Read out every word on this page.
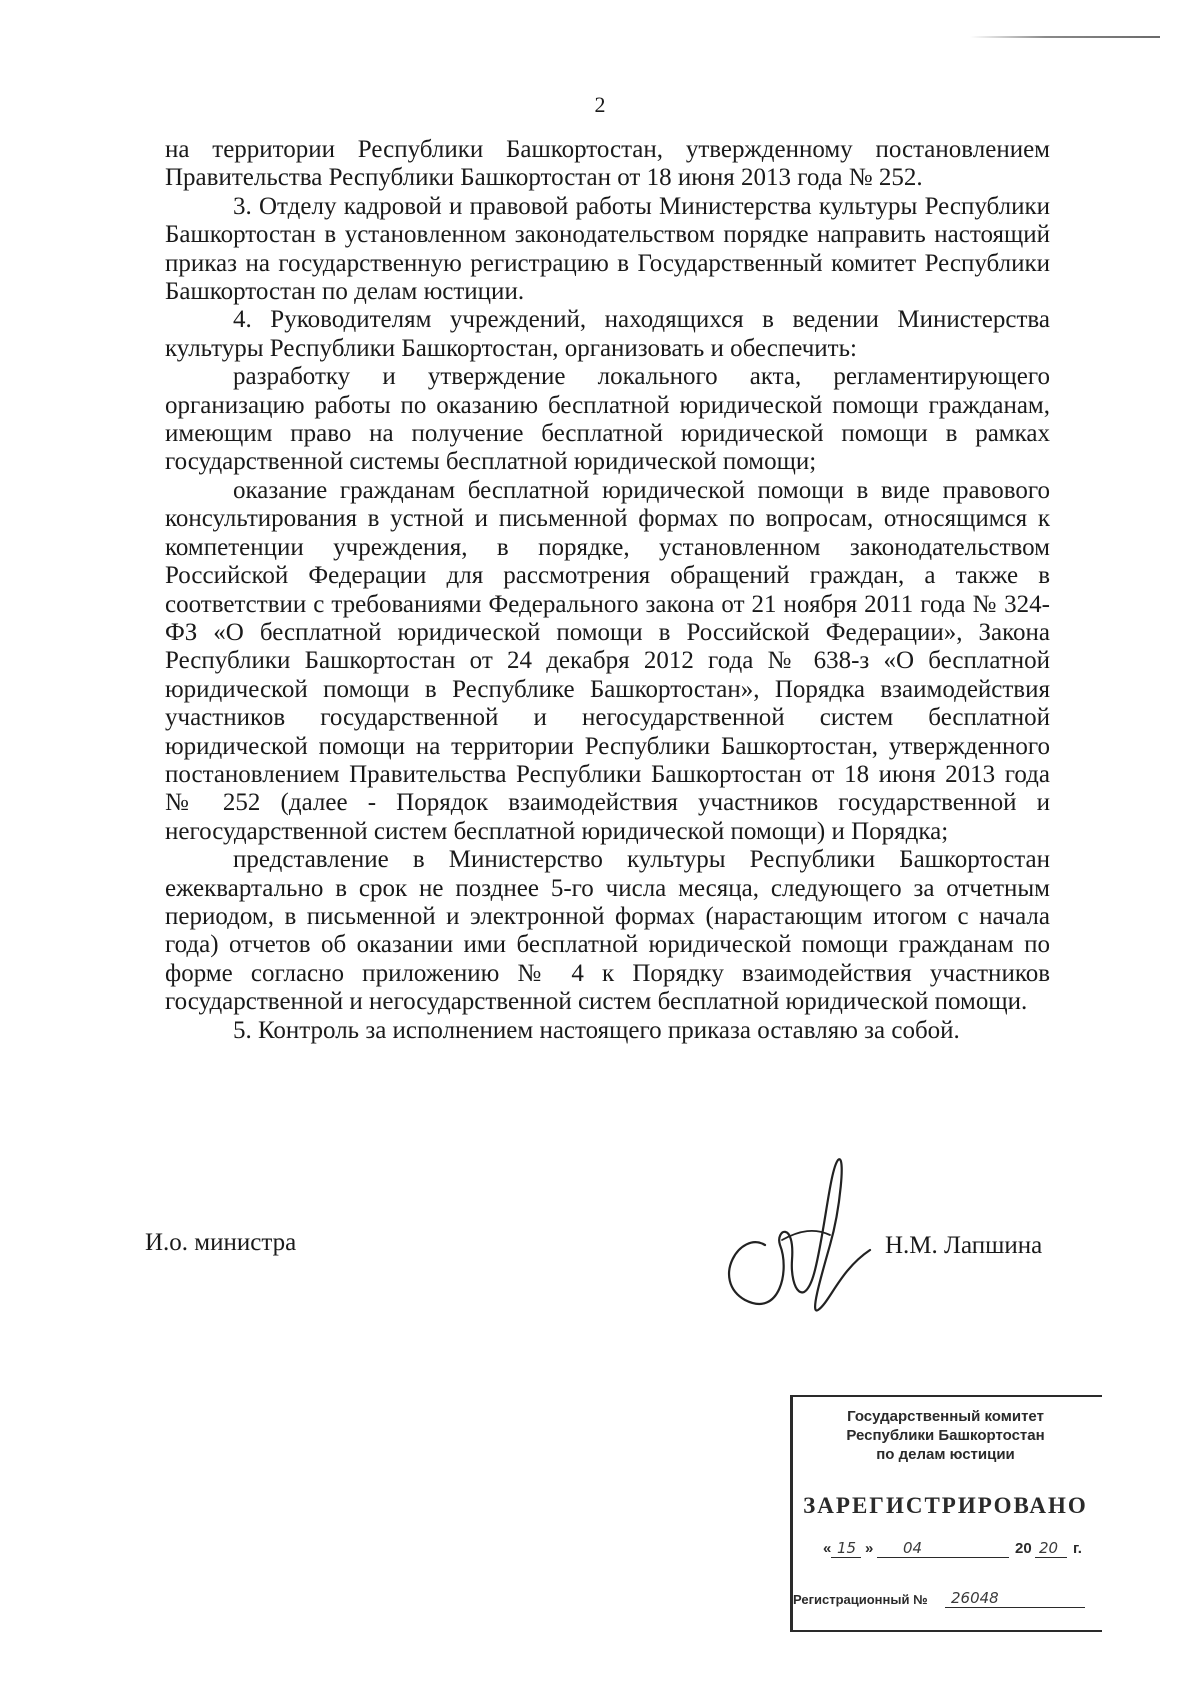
2

на территории Республики Башкортостан, утвержденному постановлением Правительства Республики Башкортостан от 18 июня 2013 года № 252.

3. Отделу кадровой и правовой работы Министерства культуры Республики Башкортостан в установленном законодательством порядке направить настоящий приказ на государственную регистрацию в Государственный комитет Республики Башкортостан по делам юстиции.

4. Руководителям учреждений, находящихся в ведении Министерства культуры Республики Башкортостан, организовать и обеспечить:

разработку и утверждение локального акта, регламентирующего организацию работы по оказанию бесплатной юридической помощи гражданам, имеющим право на получение бесплатной юридической помощи в рамках государственной системы бесплатной юридической помощи;

оказание гражданам бесплатной юридической помощи в виде правового консультирования в устной и письменной формах по вопросам, относящимся к компетенции учреждения, в порядке, установленном законодательством Российской Федерации для рассмотрения обращений граждан, а также в соответствии с требованиями Федерального закона от 21 ноября 2011 года № 324-ФЗ «О бесплатной юридической помощи в Российской Федерации», Закона Республики Башкортостан от 24 декабря 2012 года № 638-з «О бесплатной юридической помощи в Республике Башкортостан», Порядка взаимодействия участников государственной и негосударственной систем бесплатной юридической помощи на территории Республики Башкортостан, утвержденного постановлением Правительства Республики Башкортостан от 18 июня 2013 года № 252 (далее - Порядок взаимодействия участников государственной и негосударственной систем бесплатной юридической помощи) и Порядка;

представление в Министерство культуры Республики Башкортостан ежеквартально в срок не позднее 5-го числа месяца, следующего за отчетным периодом, в письменной и электронной формах (нарастающим итогом с начала года) отчетов об оказании ими бесплатной юридической помощи гражданам по форме согласно приложению № 4 к Порядку взаимодействия участников государственной и негосударственной систем бесплатной юридической помощи.

5. Контроль за исполнением настоящего приказа оставляю за собой.

И.о. министра	Н.М. Лапшина
Государственный комитет
Республики Башкортостан
по делам юстиции
ЗАРЕГИСТРИРОВАНО
« 15 » 04	20 20 г.
Регистрационный № 26048
